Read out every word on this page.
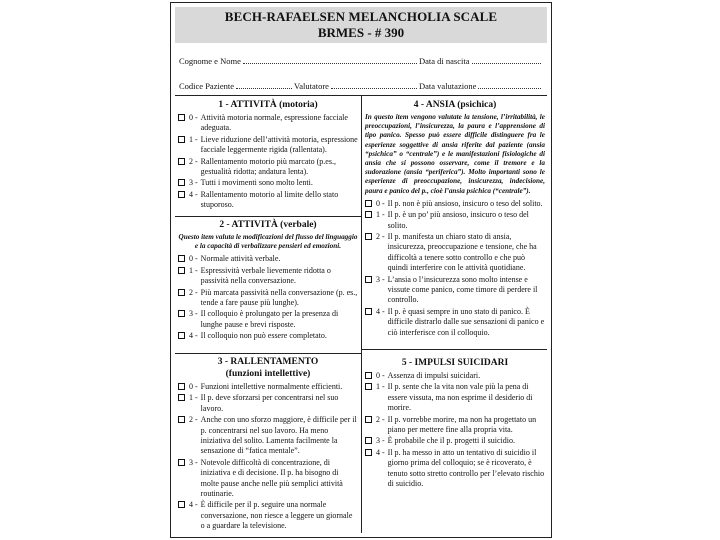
BECH-RAFAELSEN MELANCHOLIA SCALE
BRMES - # 390
Cognome e Nome	Data di nascita
Codice Paziente	Valutatore	Data valutazione
1 - ATTIVITÀ (motoria)
0 - Attività motoria normale, espressione facciale adeguata.
1 - Lieve riduzione dell’attività motoria, espressione facciale leggermente rigida (rallentata).
2 - Rallentamento motorio più marcato (p.es., gestualità ridotta; andatura lenta).
3 - Tutti i movimenti sono molto lenti.
4 - Rallentamento motorio al limite dello stato stuporoso.
2 - ATTIVITÀ (verbale)
Questo item valuta le modificazioni del flusso del linguaggio e la capacità di verbalizzare pensieri ed emozioni.
0 - Normale attività verbale.
1 - Espressività verbale lievemente ridotta o passività nella conversazione.
2 - Più marcata passività nella conversazione (p. es., tende a fare pause più lunghe).
3 - Il colloquio è prolungato per la presenza di lunghe pause e brevi risposte.
4 - Il colloquio non può essere completato.
3 - RALLENTAMENTO
(funzioni intellettive)
0 - Funzioni intellettive normalmente efficienti.
1 - Il p. deve sforzarsi per concentrarsi nel suo lavoro.
2 - Anche con uno sforzo maggiore, è difficile per il p. concentrarsi nel suo lavoro. Ha meno iniziativa del solito. Lamenta facilmente la sensazione di “fatica mentale”.
3 - Notevole difficoltà di concentrazione, di iniziativa e di decisione. Il p. ha bisogno di molte pause anche nelle più semplici attività routinarie.
4 - È difficile per il p. seguire una normale conversazione, non riesce a leggere un giornale o a guardare la televisione.
4 - ANSIA (psichica)
In questo item vengono valutate la tensione, l’irritabilità, le preoccupazioni, l’insicurezza, la paura e l’apprensione di tipo panico. Spesso può essere difficile distinguere fra le esperienze soggettive di ansia riferite dal paziente (ansia “psichica” o “centrale”) e le manifestazioni fisiologiche di ansia che si possono osservare, come il tremore e la sudorazione (ansia “periferica”). Molto importanti sono le esperienze di preoccupazione, insicurezza, indecisione, paura e panico del p., cioè l’ansia psichica (“centrale”).
0 - Il p. non è più ansioso, insicuro o teso del solito.
1 - Il p. è un po’ più ansioso, insicuro o teso del solito.
2 - Il p. manifesta un chiaro stato di ansia, insicurezza, preoccupazione e tensione, che ha difficoltà a tenere sotto controllo e che può quindi interferire con le attività quotidiane.
3 - L’ansia o l’insicurezza sono molto intense e vissute come panico, come timore di perdere il controllo.
4 - Il p. è quasi sempre in uno stato di panico. È difficile distrarlo dalle sue sensazioni di panico e ciò interferisce con il colloquio.
5 - IMPULSI SUICIDARI
0 - Assenza di impulsi suicidari.
1 - Il p. sente che la vita non vale più la pena di essere vissuta, ma non esprime il desiderio di morire.
2 - Il p. vorrebbe morire, ma non ha progettato un piano per mettere fine alla propria vita.
3 - È probabile che il p. progetti il suicidio.
4 - Il p. ha messo in atto un tentativo di suicidio il giorno prima del colloquio; se è ricoverato, è tenuto sotto stretto controllo per l’elevato rischio di suicidio.
